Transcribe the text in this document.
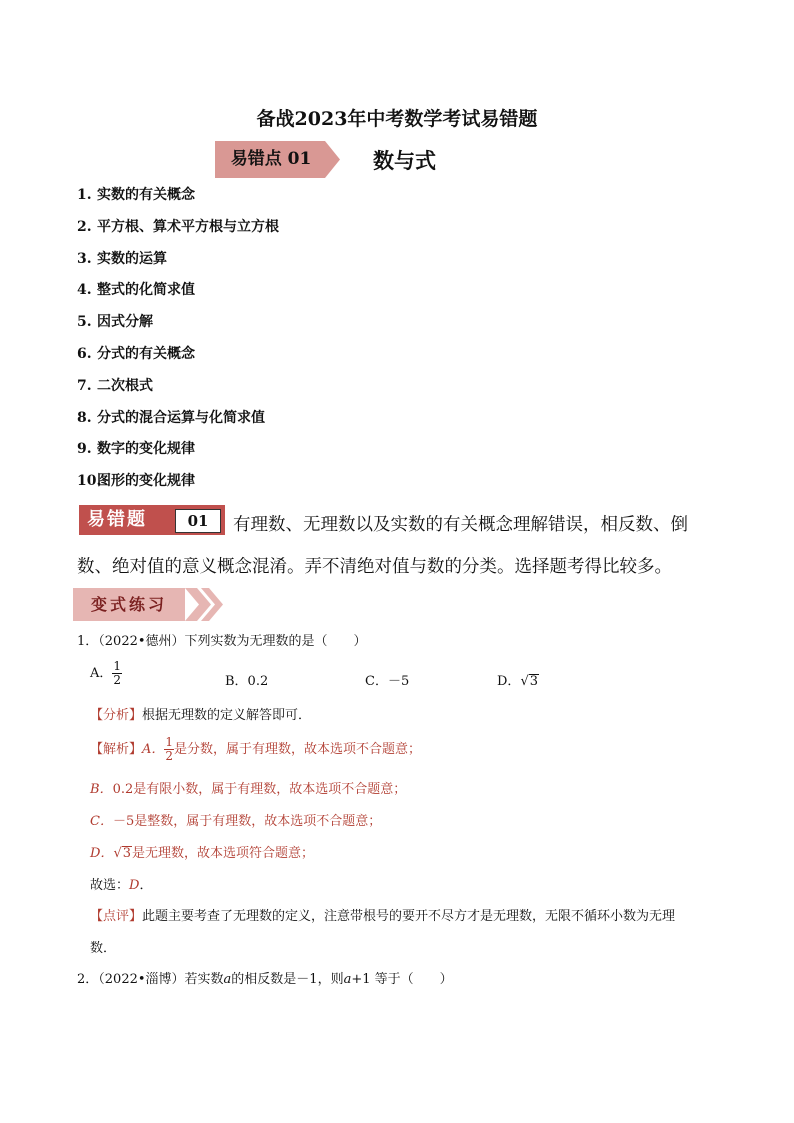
备战2023年中考数学考试易错题
易错点 01	数与式
1. 实数的有关概念
2. 平方根、算术平方根与立方根
3. 实数的运算
4. 整式的化简求值
5. 因式分解
6. 分式的有关概念
7. 二次根式
8. 分式的混合运算与化简求值
9. 数字的变化规律
10.图形的变化规律
易错题	01	有理数、无理数以及实数的有关概念理解错误，相反数、倒数、绝对值的意义概念混淆。弄不清绝对值与数的分类。选择题考得比较多。
变式练习
1．（2022•德州）下列实数为无理数的是（　　）
A． $\frac{1}{2}$	B．0.2	C．－5	D．√3
【分析】根据无理数的定义解答即可．
【解析】A． $\frac{1}{2}$ 是分数，属于有理数，故本选项不合题意；
B．0.2是有限小数，属于有理数，故本选项不合题意；
C．－5是整数，属于有理数，故本选项不合题意；
D．√3是无理数，故本选项符合题意；
故选：D．
【点评】此题主要考查了无理数的定义，注意带根号的要开不尽方才是无理数，无限不循环小数为无理
数．
2．（2022•淄博）若实数a的相反数是－1，则a+1 等于（　　）
